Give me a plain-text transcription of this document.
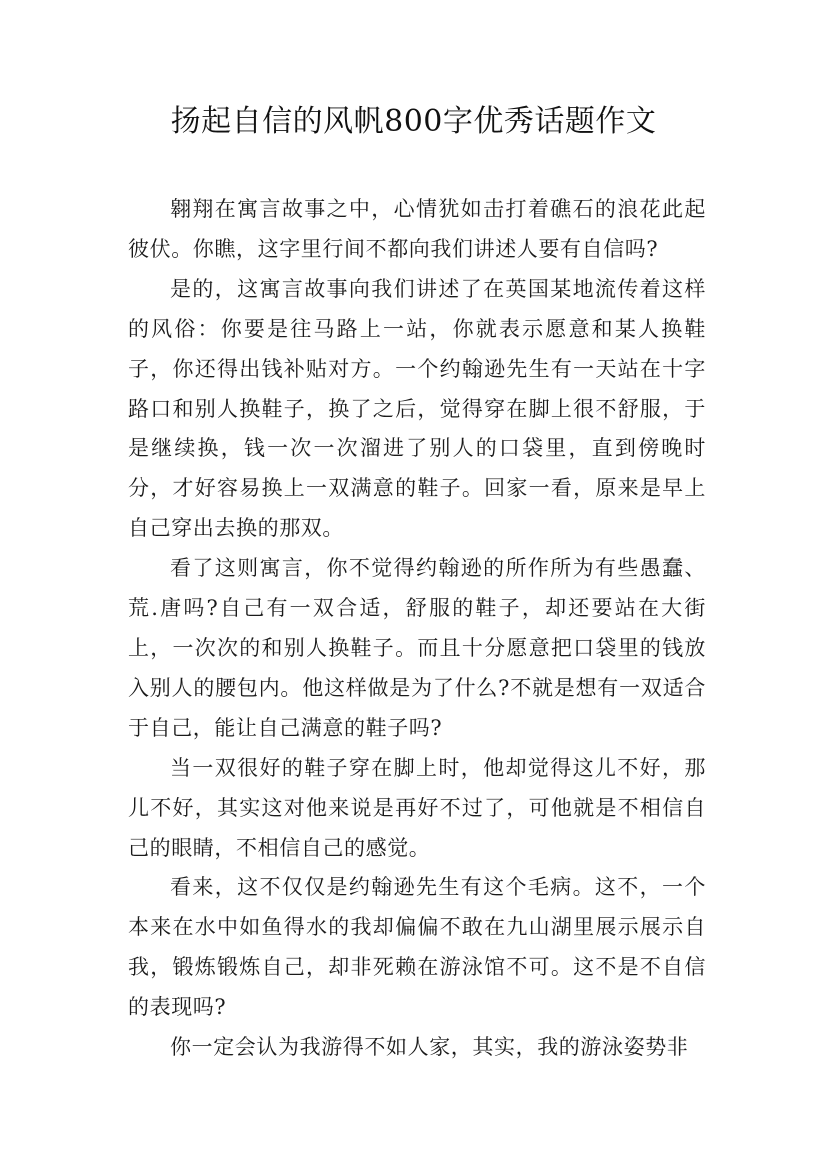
扬起自信的风帆800字优秀话题作文

翱翔在寓言故事之中，心情犹如击打着礁石的浪花此起彼伏。你瞧，这字里行间不都向我们讲述人要有自信吗?

是的，这寓言故事向我们讲述了在英国某地流传着这样的风俗：你要是往马路上一站，你就表示愿意和某人换鞋子，你还得出钱补贴对方。一个约翰逊先生有一天站在十字路口和别人换鞋子，换了之后，觉得穿在脚上很不舒服，于是继续换，钱一次一次溜进了别人的口袋里，直到傍晚时分，才好容易换上一双满意的鞋子。回家一看，原来是早上自己穿出去换的那双。

看了这则寓言，你不觉得约翰逊的所作所为有些愚蠢、荒.唐吗?自己有一双合适，舒服的鞋子，却还要站在大街上，一次次的和别人换鞋子。而且十分愿意把口袋里的钱放入别人的腰包内。他这样做是为了什么?不就是想有一双适合于自己，能让自己满意的鞋子吗?

当一双很好的鞋子穿在脚上时，他却觉得这儿不好，那儿不好，其实这对他来说是再好不过了，可他就是不相信自己的眼睛，不相信自己的感觉。

看来，这不仅仅是约翰逊先生有这个毛病。这不，一个本来在水中如鱼得水的我却偏偏不敢在九山湖里展示展示自我，锻炼锻炼自己，却非死赖在游泳馆不可。这不是不自信的表现吗?

你一定会认为我游得不如人家，其实，我的游泳姿势非
